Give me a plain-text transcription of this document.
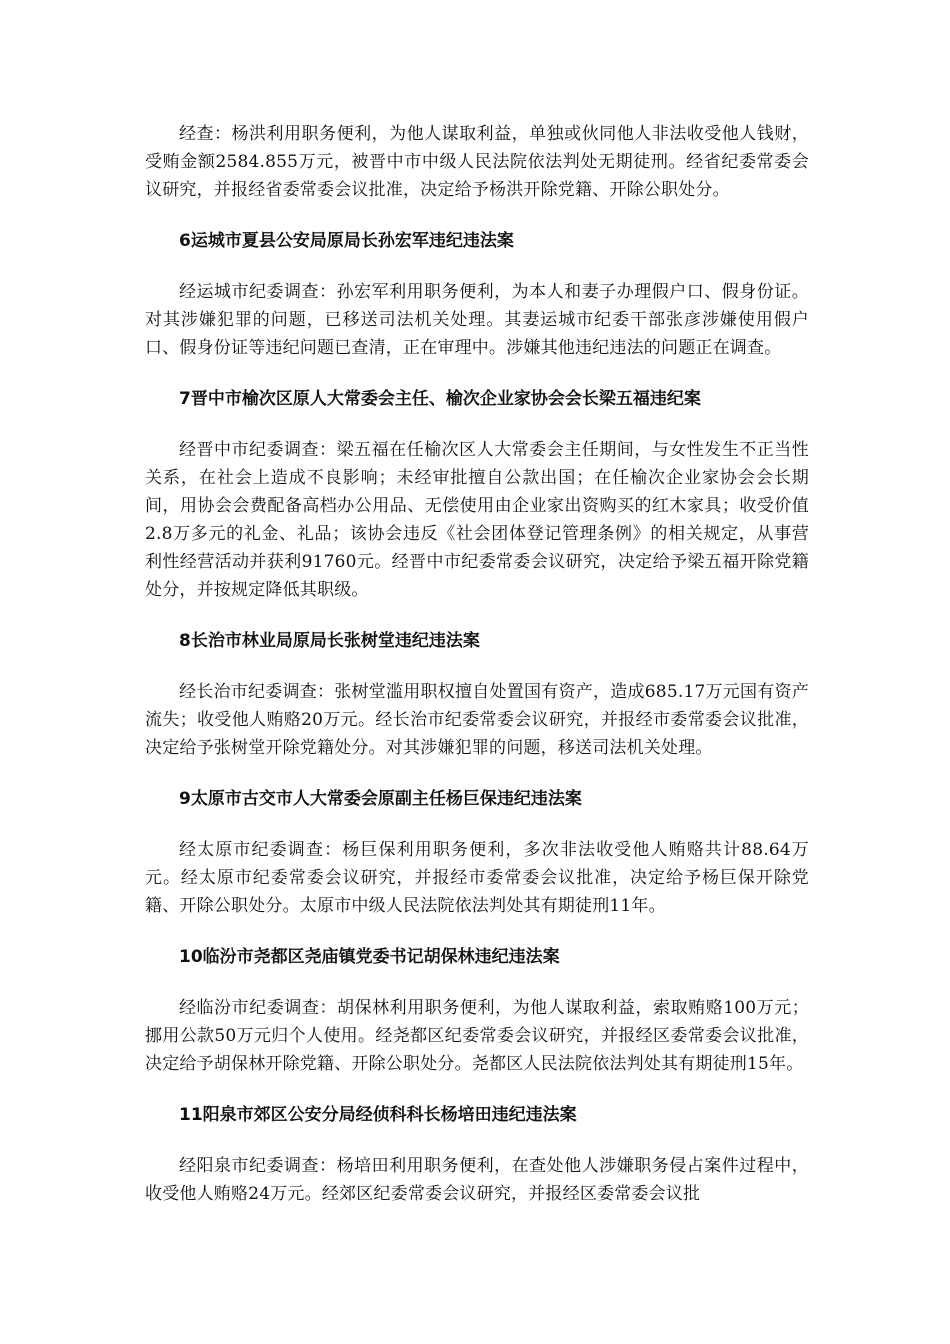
经查：杨洪利用职务便利，为他人谋取利益，单独或伙同他人非法收受他人钱财，受贿金额2584.855万元，被晋中市中级人民法院依法判处无期徒刑。经省纪委常委会议研究，并报经省委常委会议批准，决定给予杨洪开除党籍、开除公职处分。

6运城市夏县公安局原局长孙宏军违纪违法案

经运城市纪委调查：孙宏军利用职务便利，为本人和妻子办理假户口、假身份证。对其涉嫌犯罪的问题，已移送司法机关处理。其妻运城市纪委干部张彦涉嫌使用假户口、假身份证等违纪问题已查清，正在审理中。涉嫌其他违纪违法的问题正在调查。

7晋中市榆次区原人大常委会主任、榆次企业家协会会长梁五福违纪案

经晋中市纪委调查：梁五福在任榆次区人大常委会主任期间，与女性发生不正当性关系，在社会上造成不良影响；未经审批擅自公款出国；在任榆次企业家协会会长期间，用协会会费配备高档办公用品、无偿使用由企业家出资购买的红木家具；收受价值2.8万多元的礼金、礼品；该协会违反《社会团体登记管理条例》的相关规定，从事营利性经营活动并获利91760元。经晋中市纪委常委会议研究，决定给予梁五福开除党籍处分，并按规定降低其职级。

8长治市林业局原局长张树堂违纪违法案

经长治市纪委调查：张树堂滥用职权擅自处置国有资产，造成685.17万元国有资产流失；收受他人贿赂20万元。经长治市纪委常委会议研究，并报经市委常委会议批准，决定给予张树堂开除党籍处分。对其涉嫌犯罪的问题，移送司法机关处理。

9太原市古交市人大常委会原副主任杨巨保违纪违法案

经太原市纪委调查：杨巨保利用职务便利，多次非法收受他人贿赂共计88.64万元。经太原市纪委常委会议研究，并报经市委常委会议批准，决定给予杨巨保开除党籍、开除公职处分。太原市中级人民法院依法判处其有期徒刑11年。

10临汾市尧都区尧庙镇党委书记胡保林违纪违法案

经临汾市纪委调查：胡保林利用职务便利，为他人谋取利益，索取贿赂100万元；挪用公款50万元归个人使用。经尧都区纪委常委会议研究，并报经区委常委会议批准，决定给予胡保林开除党籍、开除公职处分。尧都区人民法院依法判处其有期徒刑15年。

11阳泉市郊区公安分局经侦科科长杨培田违纪违法案

经阳泉市纪委调查：杨培田利用职务便利，在查处他人涉嫌职务侵占案件过程中，收受他人贿赂24万元。经郊区纪委常委会议研究，并报经区委常委会议批
